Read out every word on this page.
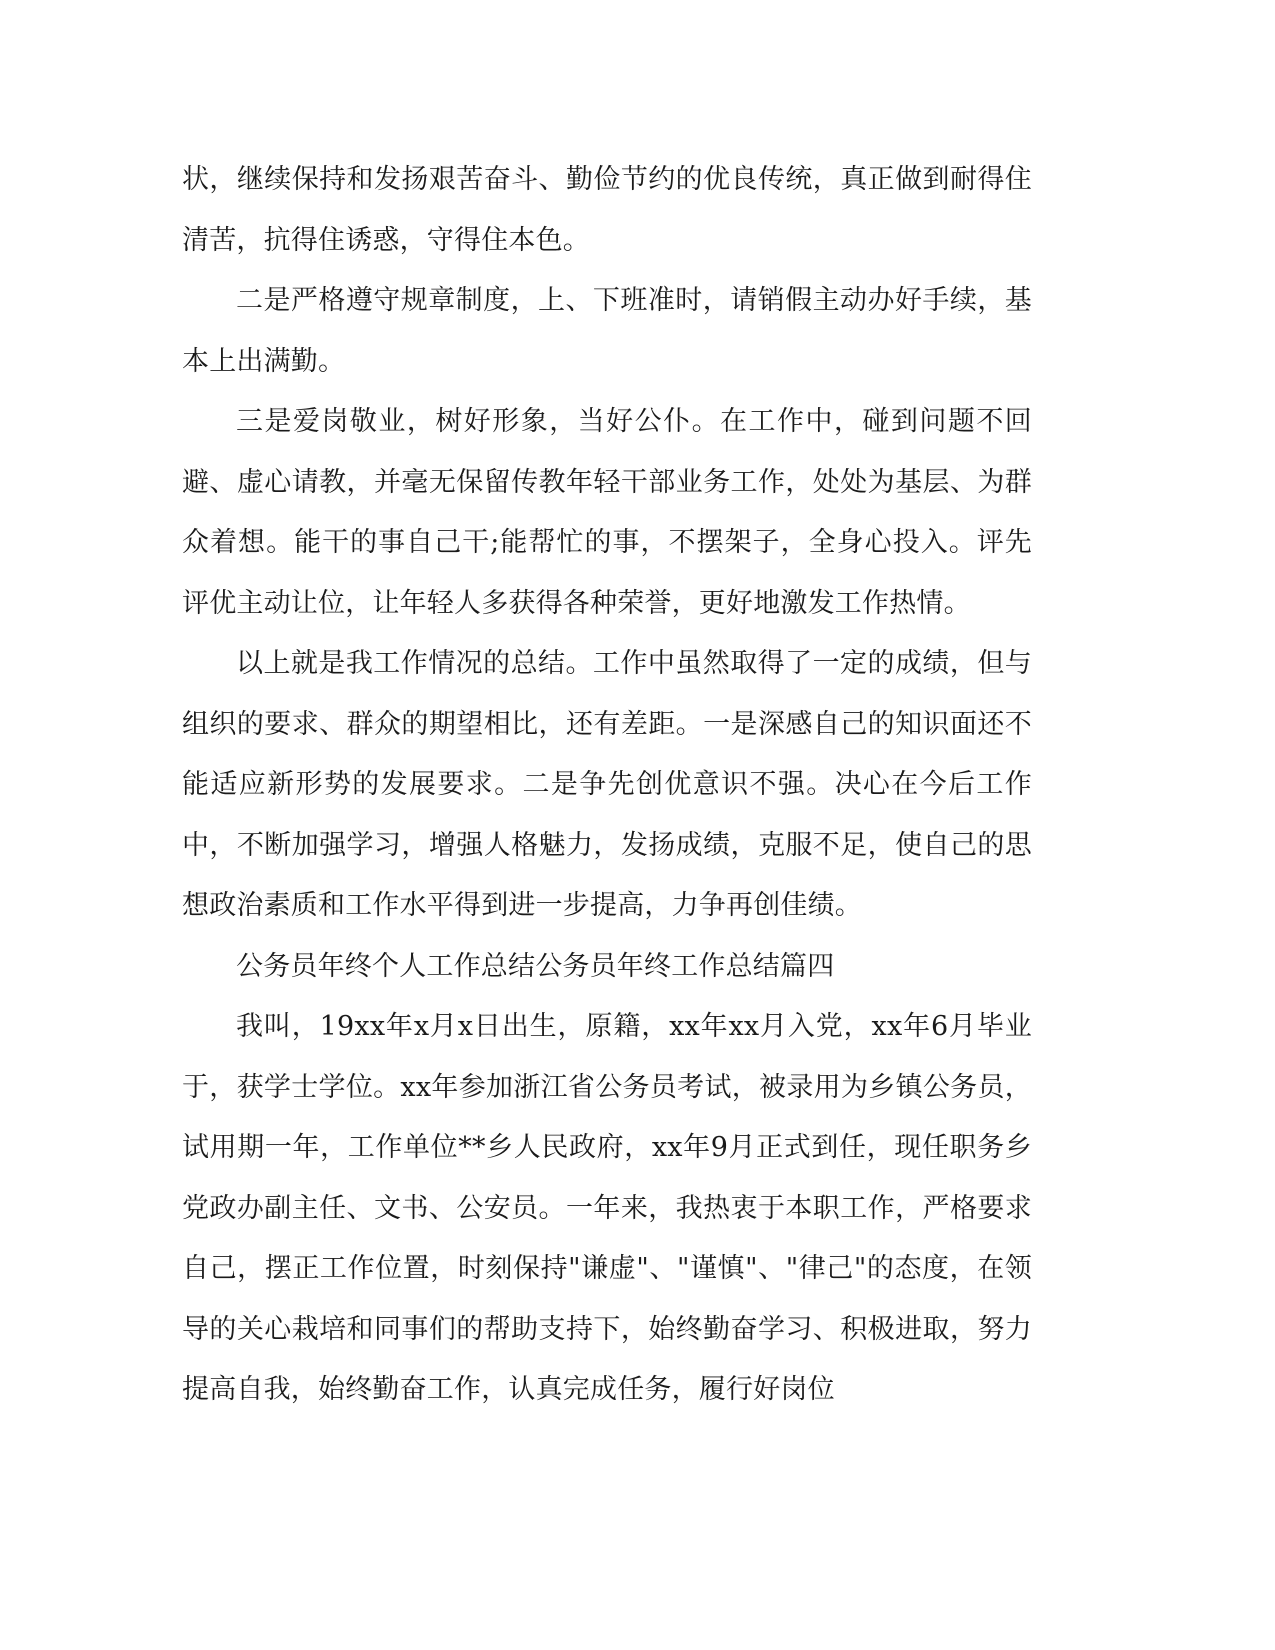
状，继续保持和发扬艰苦奋斗、勤俭节约的优良传统，真正做到耐得住清苦，抗得住诱惑，守得住本色。

二是严格遵守规章制度，上、下班准时，请销假主动办好手续，基本上出满勤。

三是爱岗敬业，树好形象，当好公仆。在工作中，碰到问题不回避、虚心请教，并毫无保留传教年轻干部业务工作，处处为基层、为群众着想。能干的事自己干;能帮忙的事，不摆架子，全身心投入。评先评优主动让位，让年轻人多获得各种荣誉，更好地激发工作热情。

以上就是我工作情况的总结。工作中虽然取得了一定的成绩，但与组织的要求、群众的期望相比，还有差距。一是深感自己的知识面还不能适应新形势的发展要求。二是争先创优意识不强。决心在今后工作中，不断加强学习，增强人格魅力，发扬成绩，克服不足，使自己的思想政治素质和工作水平得到进一步提高，力争再创佳绩。

公务员年终个人工作总结公务员年终工作总结篇四

我叫，19xx年x月x日出生，原籍，xx年xx月入党，xx年6月毕业于，获学士学位。xx年参加浙江省公务员考试，被录用为乡镇公务员，试用期一年，工作单位**乡人民政府，xx年9月正式到任，现任职务乡党政办副主任、文书、公安员。一年来，我热衷于本职工作，严格要求自己，摆正工作位置，时刻保持"谦虚"、"谨慎"、"律己"的态度，在领导的关心栽培和同事们的帮助支持下，始终勤奋学习、积极进取，努力提高自我，始终勤奋工作，认真完成任务，履行好岗位
